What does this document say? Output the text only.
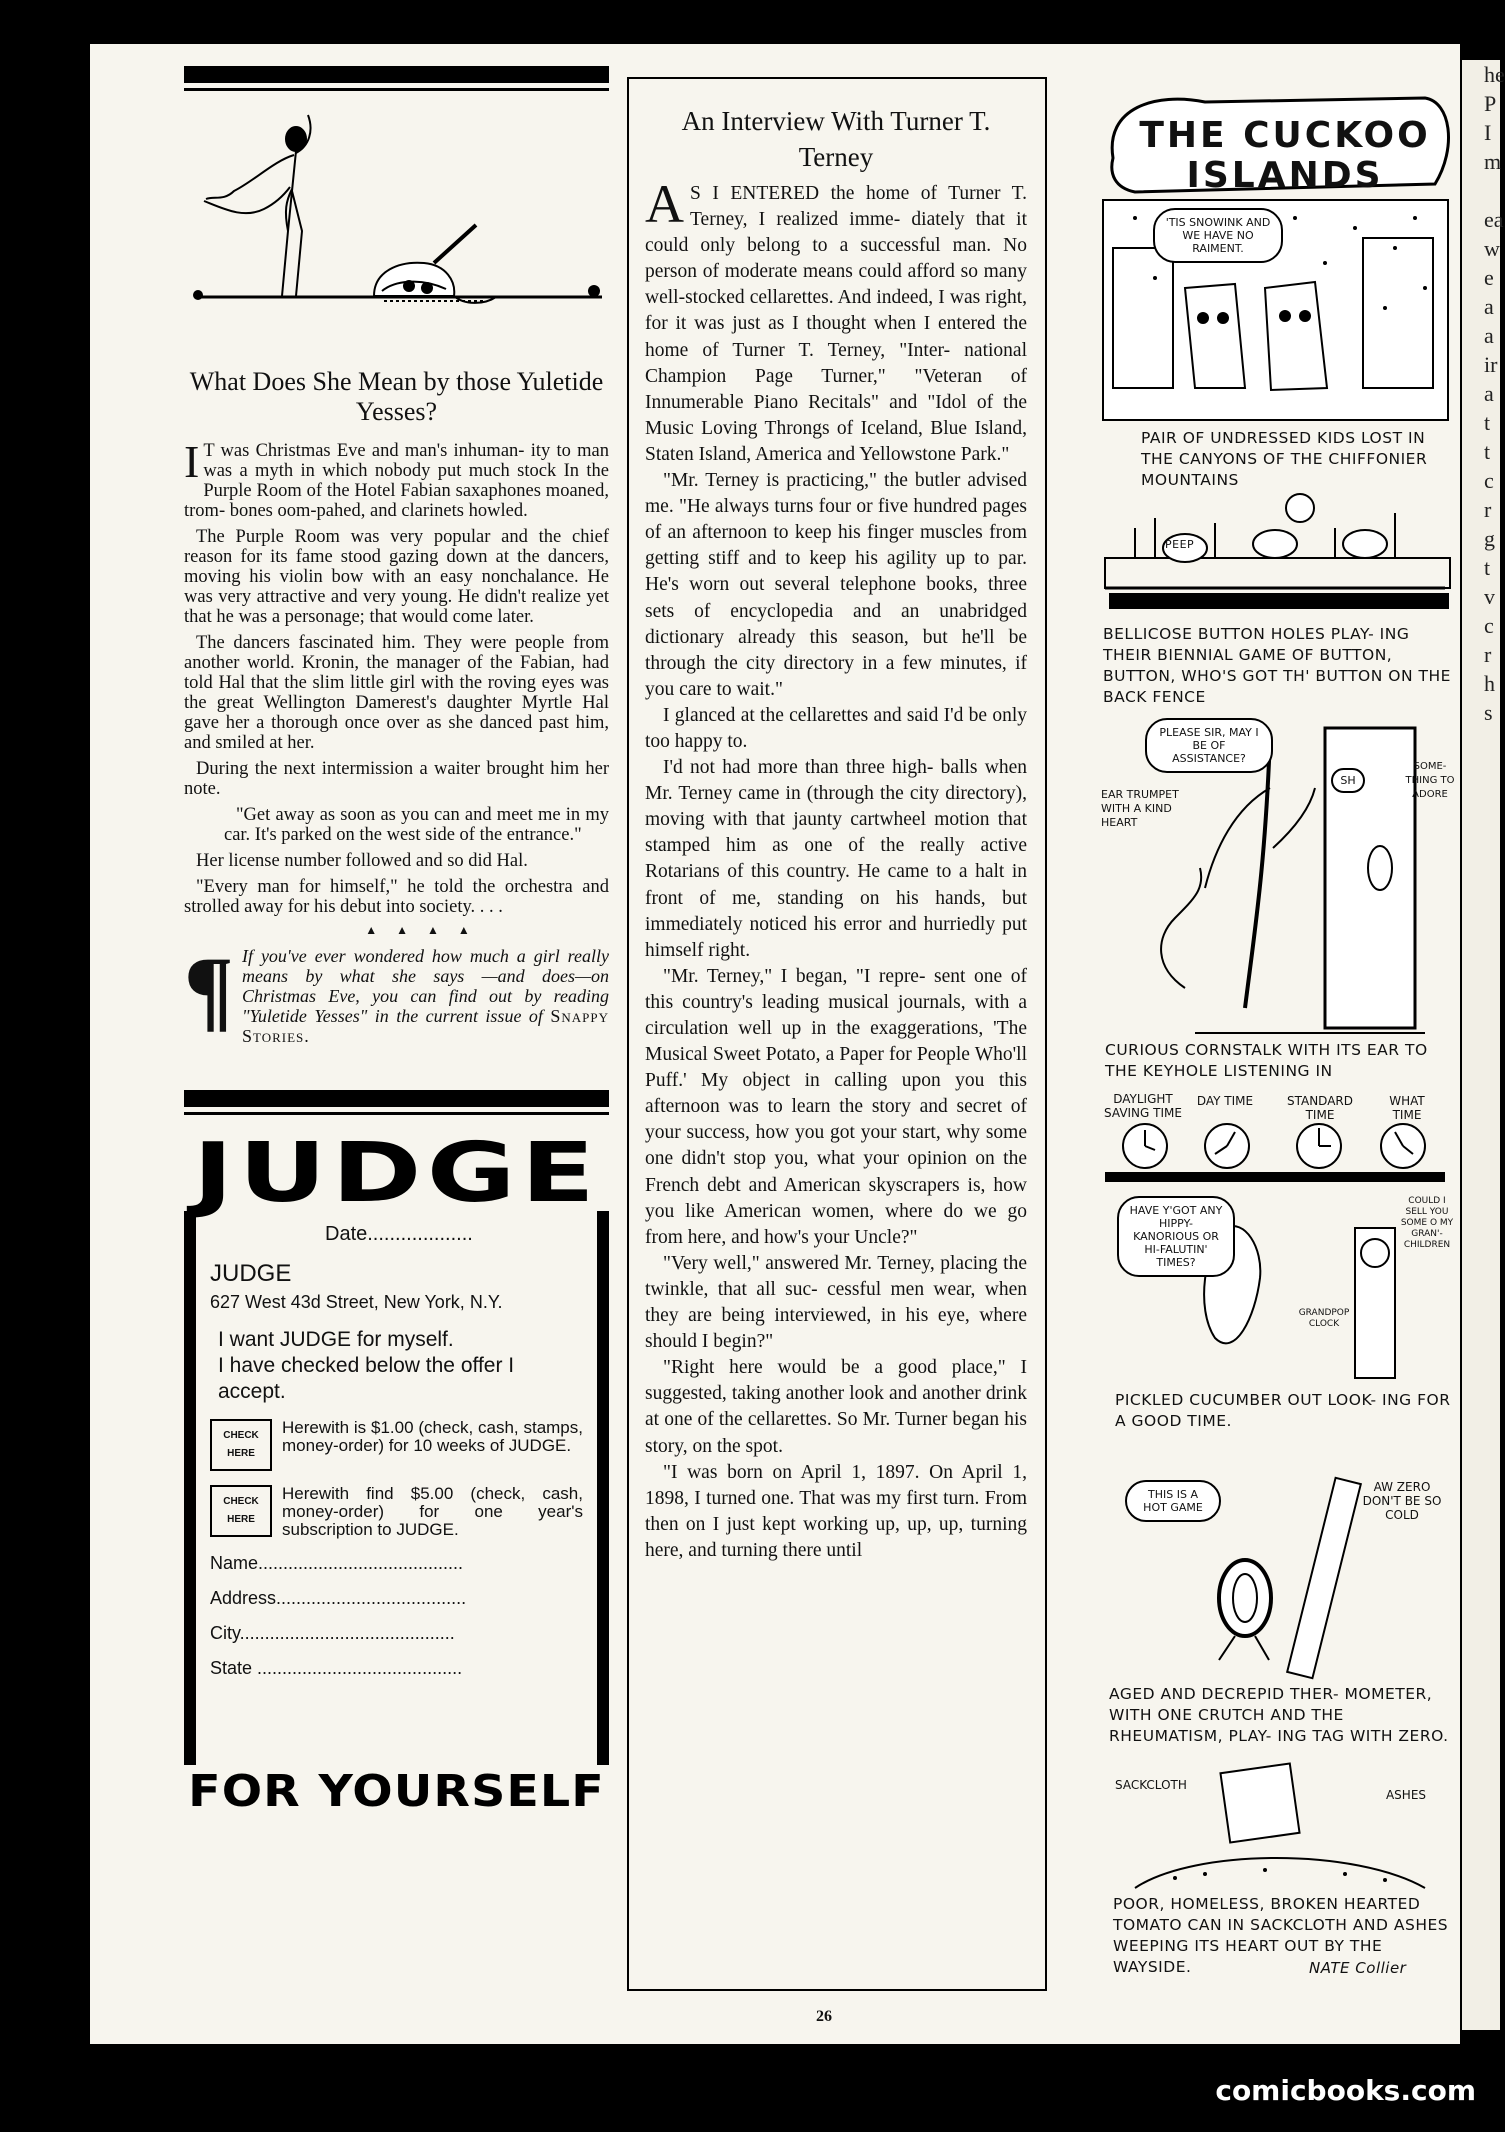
he
P
I
m

ea
w
e
a
a
ir
a
t
t
c
r
g
t
v
c
r
h
s
What Does She Mean by those Yuletide Yesses?

I T was Christmas Eve and man's inhuman- ity to man was a myth in which nobody put much stock In the Purple Room of the Hotel Fabian saxaphones moaned, trom- bones oom-pahed, and clarinets howled.

The Purple Room was very popular and the chief reason for its fame stood gazing down at the dancers, moving his violin bow with an easy nonchalance. He was very attractive and very young. He didn't realize yet that he was a personage; that would come later.

The dancers fascinated him. They were people from another world. Kronin, the manager of the Fabian, had told Hal that the slim little girl with the roving eyes was the great Wellington Damerest's daughter Myrtle Hal gave her a thorough once over as she danced past him, and smiled at her.

During the next intermission a waiter brought him her note.

"Get away as soon as you can and meet me in my car. It's parked on the west side of the entrance."

Her license number followed and so did Hal.

"Every man for himself," he told the orchestra and strolled away for his debut into society. . . .

▲ ▲ ▲ ▲
¶ If you've ever wondered how much a girl really means by what she says —and does—on Christmas Eve, you can find out by reading "Yuletide Yesses" in the current issue of Snappy Stories.
JUDGE
Date...................
JUDGE
627 West 43d Street, New York, N.Y.
I want JUDGE for myself.
I have checked below the offer I accept.
CHECK
HERE
Herewith is $1.00 (check, cash, stamps, money-order) for 10 weeks of JUDGE.
CHECK
HERE
Herewith find $5.00 (check, cash, money-order) for one year's subscription to JUDGE.
Name.........................................
Address......................................
City...........................................
State .........................................
FOR YOURSELF
An Interview With Turner T. Terney

A S I ENTERED the home of Turner T. Terney, I realized imme- diately that it could only belong to a successful man. No person of moderate means could afford so many well-stocked cellarettes. And indeed, I was right, for it was just as I thought when I entered the home of Turner T. Terney, "Inter- national Champion Page Turner," "Veteran of Innumerable Piano Recitals" and "Idol of the Music Loving Throngs of Iceland, Blue Island, Staten Island, America and Yellowstone Park."

"Mr. Terney is practicing," the butler advised me. "He always turns four or five hundred pages of an afternoon to keep his finger muscles from getting stiff and to keep his agility up to par. He's worn out several telephone books, three sets of encyclopedia and an unabridged dictionary already this season, but he'll be through the city directory in a few minutes, if you care to wait."

I glanced at the cellarettes and said I'd be only too happy to.

I'd not had more than three high- balls when Mr. Terney came in (through the city directory), moving with that jaunty cartwheel motion that stamped him as one of the really active Rotarians of this country. He came to a halt in front of me, standing on his hands, but immediately noticed his error and hurriedly put himself right.

"Mr. Terney," I began, "I repre- sent one of this country's leading musical journals, with a circulation well up in the exaggerations, 'The Musical Sweet Potato, a Paper for People Who'll Puff.' My object in calling upon you this afternoon was to learn the story and secret of your success, how you got your start, why some one didn't stop you, what your opinion on the French debt and American skyscrapers is, how you like American women, where do we go from here, and how's your Uncle?"

"Very well," answered Mr. Terney, placing the twinkle, that all suc- cessful men wear, when they are being interviewed, in his eye, where should I begin?"

"Right here would be a good place," I suggested, taking another look and another drink at one of the cellarettes. So Mr. Turner began his story, on the spot.

"I was born on April 1, 1897. On April 1, 1898, I turned one. That was my first turn. From then on I just kept working up, up, up, turning here, and turning there until

THE CUCKOO ISLANDS
'TIS SNOWINK AND WE HAVE NO RAIMENT.
PAIR OF UNDRESSED KIDS LOST IN THE CANYONS OF THE CHIFFONIER MOUNTAINS
PEEP
BELLICOSE BUTTON HOLES PLAY- ING THEIR BIENNIAL GAME OF BUTTON, BUTTON, WHO'S GOT TH' BUTTON ON THE BACK FENCE
PLEASE SIR, MAY I BE OF ASSISTANCE?
SH
SOME- THING TO ADORE
EAR TRUMPET WITH A KIND HEART
CURIOUS CORNSTALK WITH ITS EAR TO THE KEYHOLE LISTENING IN
DAYLIGHT SAVING TIME
DAY TIME	STANDARD TIME
WHAT TIME
HAVE Y'GOT ANY HIPPY- KANORIOUS OR HI-FALUTIN' TIMES?
COULD I SELL YOU SOME O MY GRAN'- CHILDREN
GRANDPOP CLOCK
PICKLED CUCUMBER OUT LOOK- ING FOR A GOOD TIME.
THIS IS A HOT GAME
AW ZERO DON'T BE SO COLD
AGED AND DECREPID THER- MOMETER, WITH ONE CRUTCH AND THE RHEUMATISM, PLAY- ING TAG WITH ZERO.
SACKCLOTH
ASHES
POOR, HOMELESS, BROKEN HEARTED TOMATO CAN IN SACKCLOTH AND ASHES WEEPING ITS HEART OUT BY THE WAYSIDE.	NATE Collier
26
comicbooks.com
